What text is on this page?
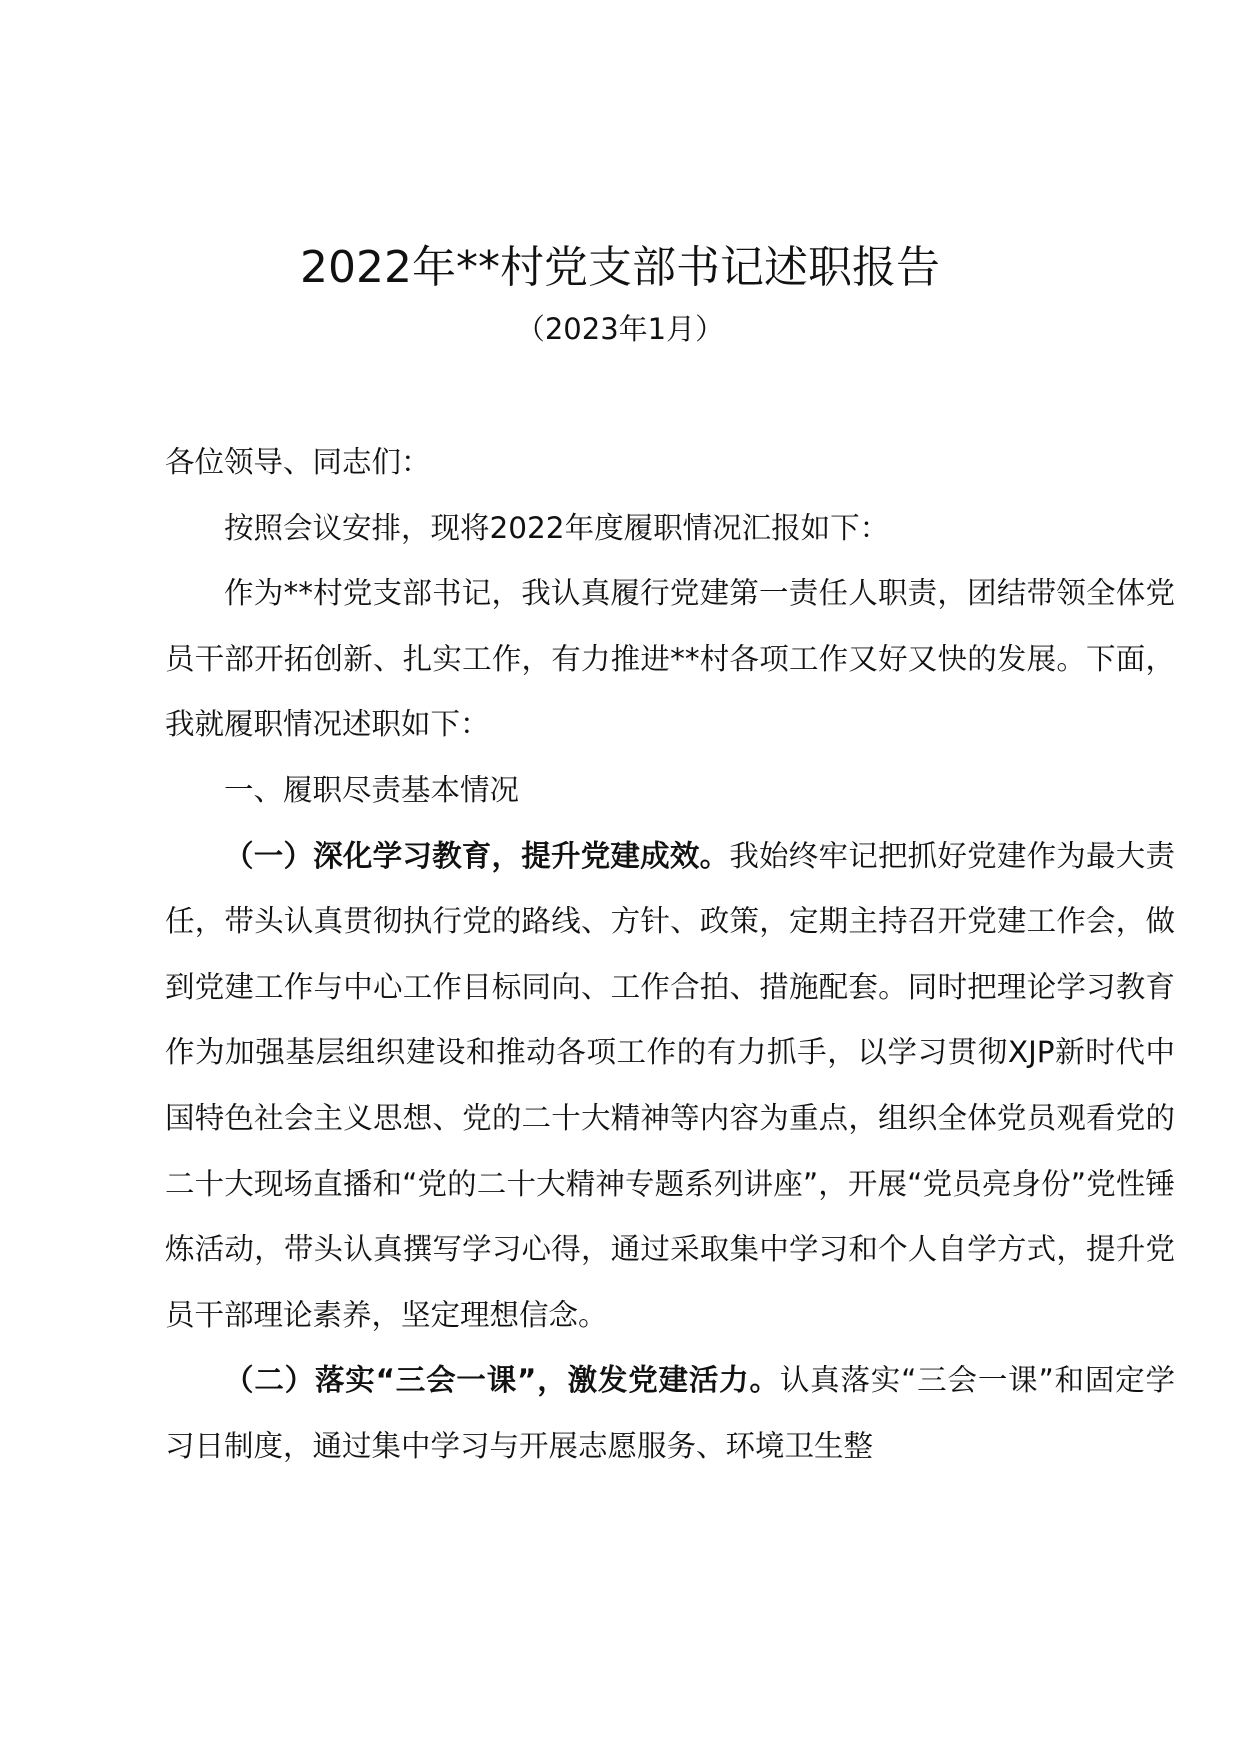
2022年**村党支部书记述职报告
（2023年1月）

各位领导、同志们：

按照会议安排，现将2022年度履职情况汇报如下：

作为**村党支部书记，我认真履行党建第一责任人职责，团结带领全体党员干部开拓创新、扎实工作，有力推进**村各项工作又好又快的发展。下面，我就履职情况述职如下：

一、履职尽责基本情况

（一）深化学习教育，提升党建成效。我始终牢记把抓好党建作为最大责任，带头认真贯彻执行党的路线、方针、政策，定期主持召开党建工作会，做到党建工作与中心工作目标同向、工作合拍、措施配套。同时把理论学习教育作为加强基层组织建设和推动各项工作的有力抓手，以学习贯彻XJP新时代中国特色社会主义思想、党的二十大精神等内容为重点，组织全体党员观看党的二十大现场直播和“党的二十大精神专题系列讲座”，开展“党员亮身份”党性锤炼活动，带头认真撰写学习心得，通过采取集中学习和个人自学方式，提升党员干部理论素养，坚定理想信念。

（二）落实“三会一课”，激发党建活力。认真落实“三会一课”和固定学习日制度，通过集中学习与开展志愿服务、环境卫生整
